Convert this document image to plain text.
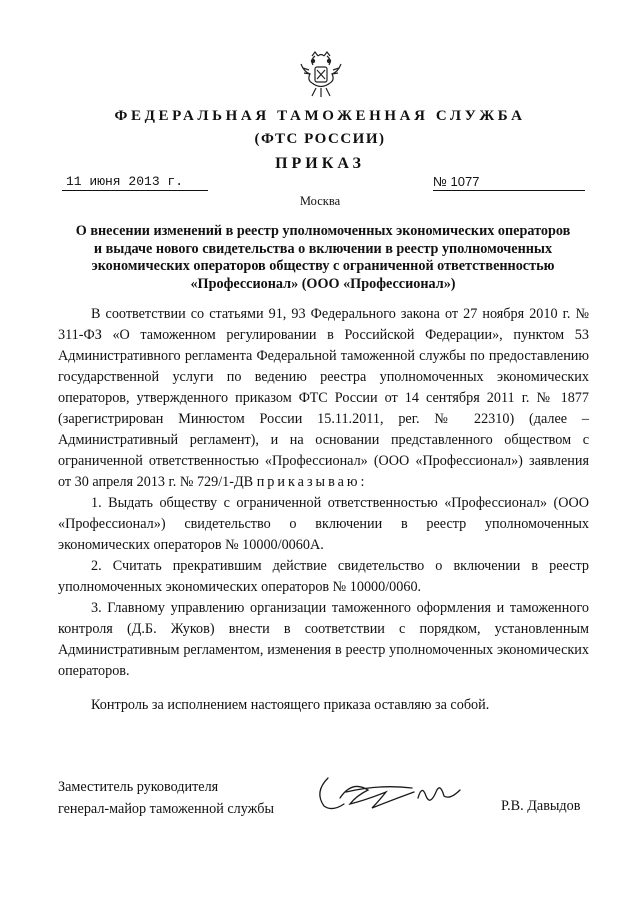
ФЕДЕРАЛЬНАЯ ТАМОЖЕННАЯ СЛУЖБА
(ФТС РОССИИ)
ПРИКАЗ
11 июня 2013 г.	№ 1077
Москва
О внесении изменений в реестр уполномоченных экономических операторов
и выдаче нового свидетельства о включении в реестр уполномоченных
экономических операторов обществу с ограниченной ответственностью
«Профессионал» (ООО «Профессионал»)

В соответствии со статьями 91, 93 Федерального закона от 27 ноября 2010 г. № 311-ФЗ «О таможенном регулировании в Российской Федерации», пунктом 53 Административного регламента Федеральной таможенной службы по предоставлению государственной услуги по ведению реестра уполномоченных экономических операторов, утвержденного приказом ФТС России от 14 сентября 2011 г. № 1877 (зарегистрирован Минюстом России 15.11.2011, рег. № 22310) (далее – Административный регламент), и на основании представленного обществом с ограниченной ответственностью «Профессионал» (ООО «Профессионал») заявления от 30 апреля 2013 г. № 729/1-ДВ приказываю:

1. Выдать обществу с ограниченной ответственностью «Профессионал» (ООО «Профессионал») свидетельство о включении в реестр уполномоченных экономических операторов № 10000/0060А.

2. Считать прекратившим действие свидетельство о включении в реестр уполномоченных экономических операторов № 10000/0060.

3. Главному управлению организации таможенного оформления и таможенного контроля (Д.Б. Жуков) внести в соответствии с порядком, установленным Административным регламентом, изменения в реестр уполномоченных экономических операторов.

Контроль за исполнением настоящего приказа оставляю за собой.
Заместитель руководителя
генерал-майор таможенной службы	Р.В. Давыдов
